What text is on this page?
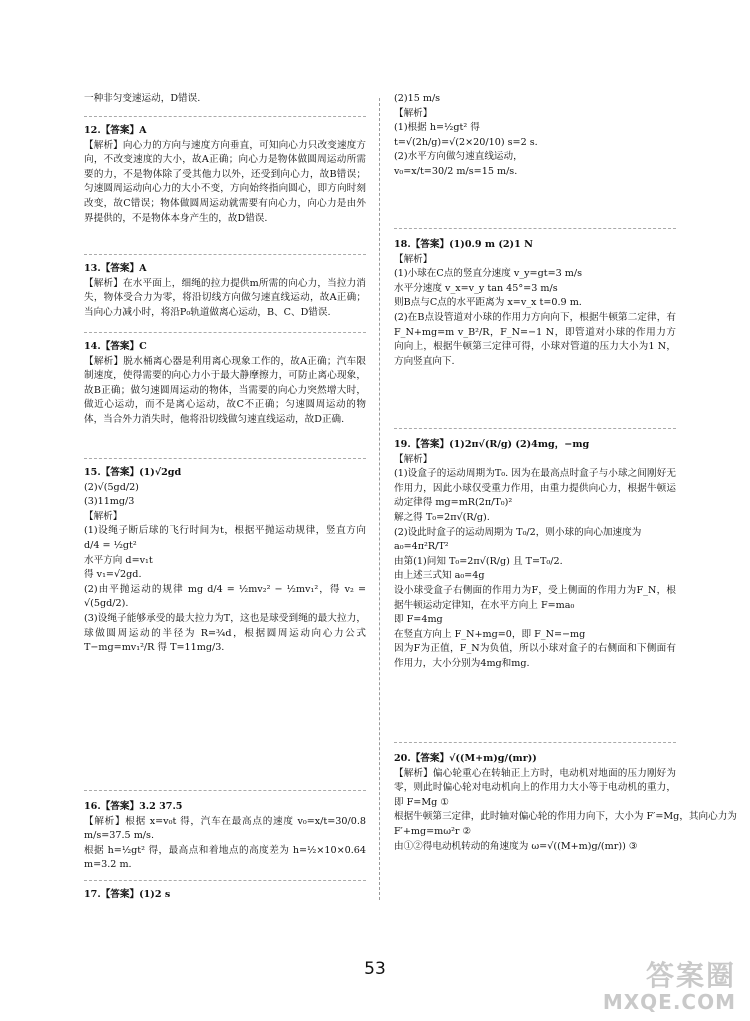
一种非匀变速运动，D错误.

12.【答案】A

【解析】向心力的方向与速度方向垂直，可知向心力只改变速度方向，不改变速度的大小，故A正确；向心力是物体做圆周运动所需要的力，不是物体除了受其他力以外，还受到向心力，故B错误；匀速圆周运动向心力的大小不变，方向始终指向圆心，即方向时刻改变，故C错误；物体做圆周运动就需要有向心力，向心力是由外界提供的，不是物体本身产生的，故D错误.

13.【答案】A

【解析】在水平面上，细绳的拉力提供m所需的向心力，当拉力消失，物体受合力为零，将沿切线方向做匀速直线运动，故A正确；当向心力减小时，将沿P₀轨道做离心运动，B、C、D错误.

14.【答案】C

【解析】脱水桶离心器是利用离心现象工作的，故A正确；汽车限制速度，使得需要的向心力小于最大静摩擦力，可防止离心现象，故B正确；做匀速圆周运动的物体，当需要的向心力突然增大时，做近心运动，而不是离心运动，故C不正确；匀速圆周运动的物体，当合外力消失时，他将沿切线做匀速直线运动，故D正确.

15.【答案】(1)√2gd

(2)√(5gd/2)

(3)11mg/3

【解析】

(1)设绳子断后球的飞行时间为t，根据平抛运动规律，竖直方向 d/4 = ½gt²

水平方向 d=v₁t

得 v₁=√2gd.

(2)由平抛运动的规律 mg d/4 = ½mv₂² − ½mv₁²，得 v₂ = √(5gd/2).

(3)设绳子能够承受的最大拉力为T，这也是球受到绳的最大拉力，球做圆周运动的半径为 R=¾d，根据圆周运动向心力公式 T−mg=mv₁²/R 得 T=11mg/3.

16.【答案】3.2 37.5

【解析】根据 x=v₀t 得，汽车在最高点的速度 v₀=x/t=30/0.8 m/s=37.5 m/s.

根据 h=½gt² 得，最高点和着地点的高度差为 h=½×10×0.64 m=3.2 m.

17.【答案】(1)2 s

(2)15 m/s

【解析】

(1)根据 h=½gt² 得

t=√(2h/g)=√(2×20/10) s=2 s.

(2)水平方向做匀速直线运动，

v₀=x/t=30/2 m/s=15 m/s.

18.【答案】(1)0.9 m (2)1 N

【解析】

(1)小球在C点的竖直分速度 v_y=gt=3 m/s

水平分速度 v_x=v_y tan 45°=3 m/s

则B点与C点的水平距离为 x=v_x t=0.9 m.

(2)在B点设管道对小球的作用力方向向下，根据牛顿第二定律，有 F_N+mg=m v_B²/R，F_N=−1 N，即管道对小球的作用力方向向上，根据牛顿第三定律可得，小球对管道的压力大小为1 N，方向竖直向下.

19.【答案】(1)2π√(R/g) (2)4mg，−mg

【解析】

(1)设盒子的运动周期为T₀. 因为在最高点时盒子与小球之间刚好无作用力，因此小球仅受重力作用，由重力提供向心力，根据牛顿运动定律得 mg=mR(2π/T₀)²

解之得 T₀=2π√(R/g).

(2)设此时盒子的运动周期为 T₀/2，则小球的向心加速度为

a₀=4π²R/T²

由第(1)问知 T₀=2π√(R/g) 且 T=T₀/2.

由上述三式知 a₀=4g

设小球受盒子右侧面的作用力为F，受上侧面的作用力为F_N，根据牛顿运动定律知，在水平方向上 F=ma₀

即 F=4mg

在竖直方向上 F_N+mg=0，即 F_N=−mg

因为F为正值，F_N为负值，所以小球对盒子的右侧面和下侧面有作用力，大小分别为4mg和mg.

20.【答案】√((M+m)g/(mr))

【解析】偏心轮重心在转轴正上方时，电动机对地面的压力刚好为零，则此时偏心轮对电动机向上的作用力大小等于电动机的重力，即 F=Mg ①

根据牛顿第三定律，此时轴对偏心轮的作用力向下，大小为 F′=Mg，其向心力为

F′+mg=mω²r ②

由①②得电动机转动的角速度为 ω=√((M+m)g/(mr)) ③

53	答案圈
MXQE.COM
